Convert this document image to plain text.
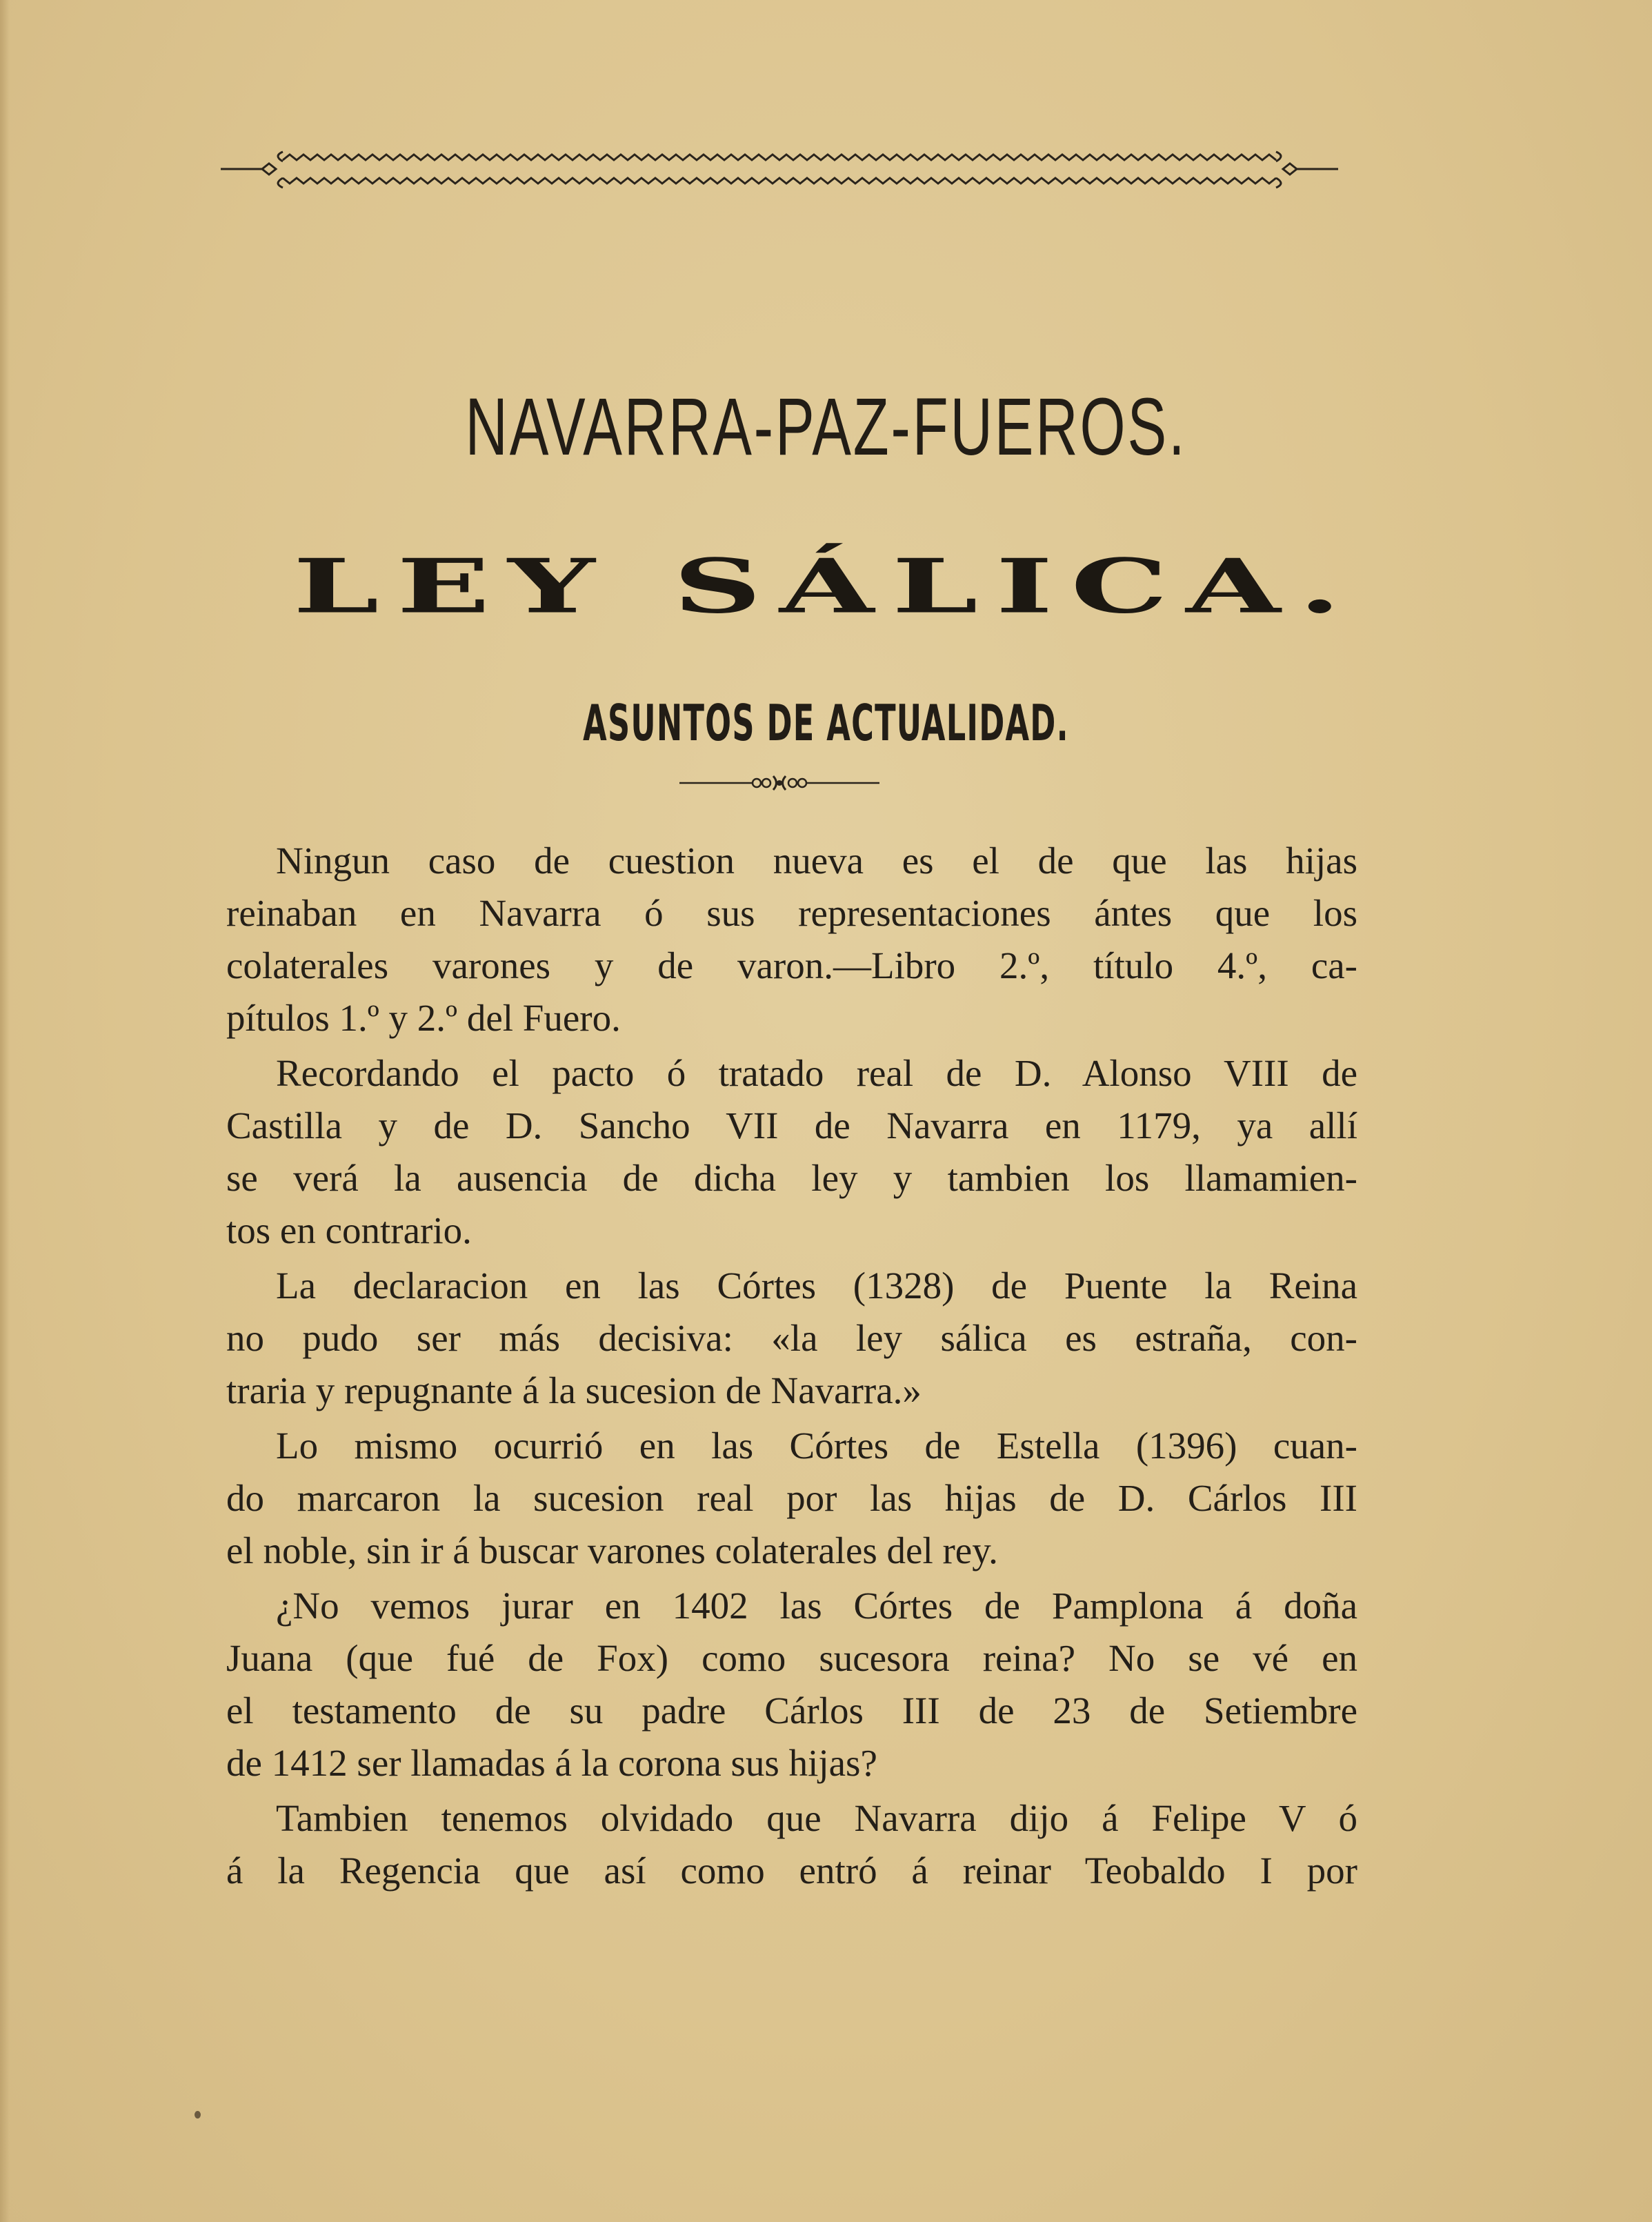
NAVARRA-PAZ-FUEROS.
LEY SÁLICA.
ASUNTOS DE ACTUALIDAD.
Ningun caso de cuestion nueva es el de que las hijas
reinaban en Navarra ó sus representaciones ántes que los
colaterales varones y de varon.—Libro 2.º, título 4.º, ca-
pítulos 1.º y 2.º del Fuero.
Recordando el pacto ó tratado real de D. Alonso VIII de
Castilla y de D. Sancho VII de Navarra en 1179, ya allí
se verá la ausencia de dicha ley y tambien los llamamien-
tos en contrario.
La declaracion en las Córtes (1328) de Puente la Reina
no pudo ser más decisiva: «la ley sálica es estraña, con-
traria y repugnante á la sucesion de Navarra.»
Lo mismo ocurrió en las Córtes de Estella (1396) cuan-
do marcaron la sucesion real por las hijas de D. Cárlos III
el noble, sin ir á buscar varones colaterales del rey.
¿No vemos jurar en 1402 las Córtes de Pamplona á doña
Juana (que fué de Fox) como sucesora reina? No se vé en
el testamento de su padre Cárlos III de 23 de Setiembre
de 1412 ser llamadas á la corona sus hijas?
Tambien tenemos olvidado que Navarra dijo á Felipe V ó
á la Regencia que así como entró á reinar Teobaldo I por
